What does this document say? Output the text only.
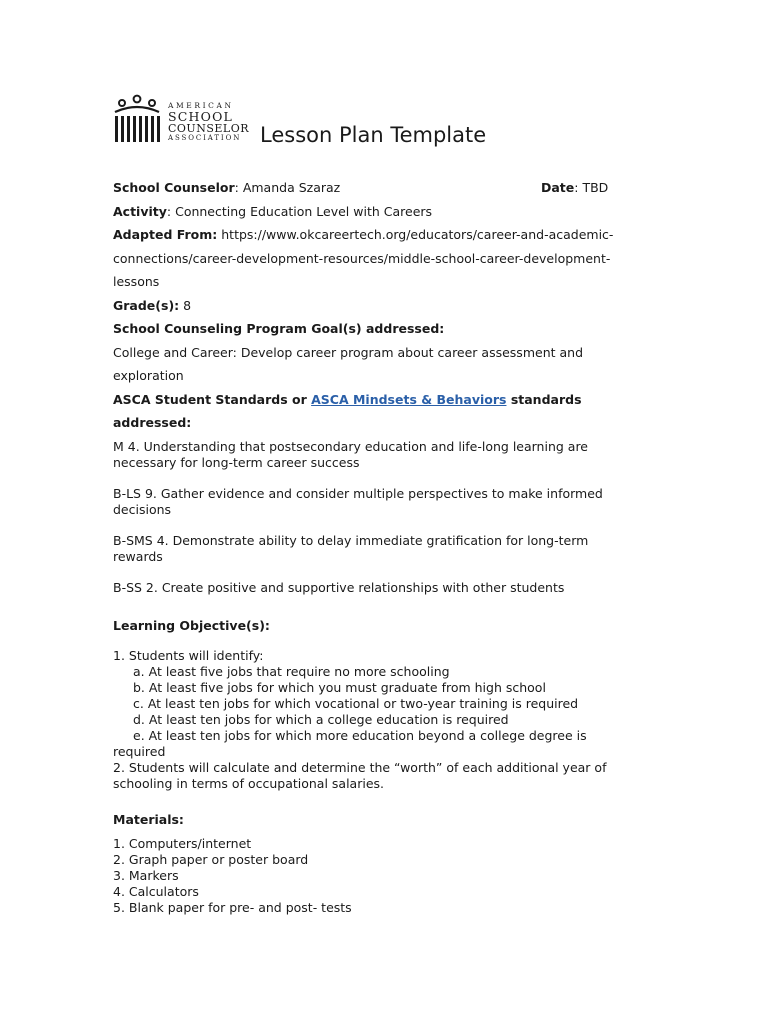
AMERICAN
SCHOOL
COUNSELOR
ASSOCIATION Lesson Plan Template
School Counselor: Amanda Szaraz	Date: TBD
Activity: Connecting Education Level with Careers
Adapted From: https://www.okcareertech.org/educators/career-and-academic-
connections/career-development-resources/middle-school-career-development-
lessons
Grade(s): 8
School Counseling Program Goal(s) addressed:
College and Career: Develop career program about career assessment and
exploration
ASCA Student Standards or ASCA Mindsets & Behaviors standards
addressed:
M 4. Understanding that postsecondary education and life-long learning are
necessary for long-term career success
B-LS 9. Gather evidence and consider multiple perspectives to make informed
decisions
B-SMS 4. Demonstrate ability to delay immediate gratification for long-term
rewards
B-SS 2. Create positive and supportive relationships with other students
Learning Objective(s):
1. Students will identify:
a. At least five jobs that require no more schooling
b. At least five jobs for which you must graduate from high school
c. At least ten jobs for which vocational or two-year training is required
d. At least ten jobs for which a college education is required
e. At least ten jobs for which more education beyond a college degree is
required
2. Students will calculate and determine the “worth” of each additional year of
schooling in terms of occupational salaries.
Materials:
1. Computers/internet
2. Graph paper or poster board
3. Markers
4. Calculators
5. Blank paper for pre- and post- tests
